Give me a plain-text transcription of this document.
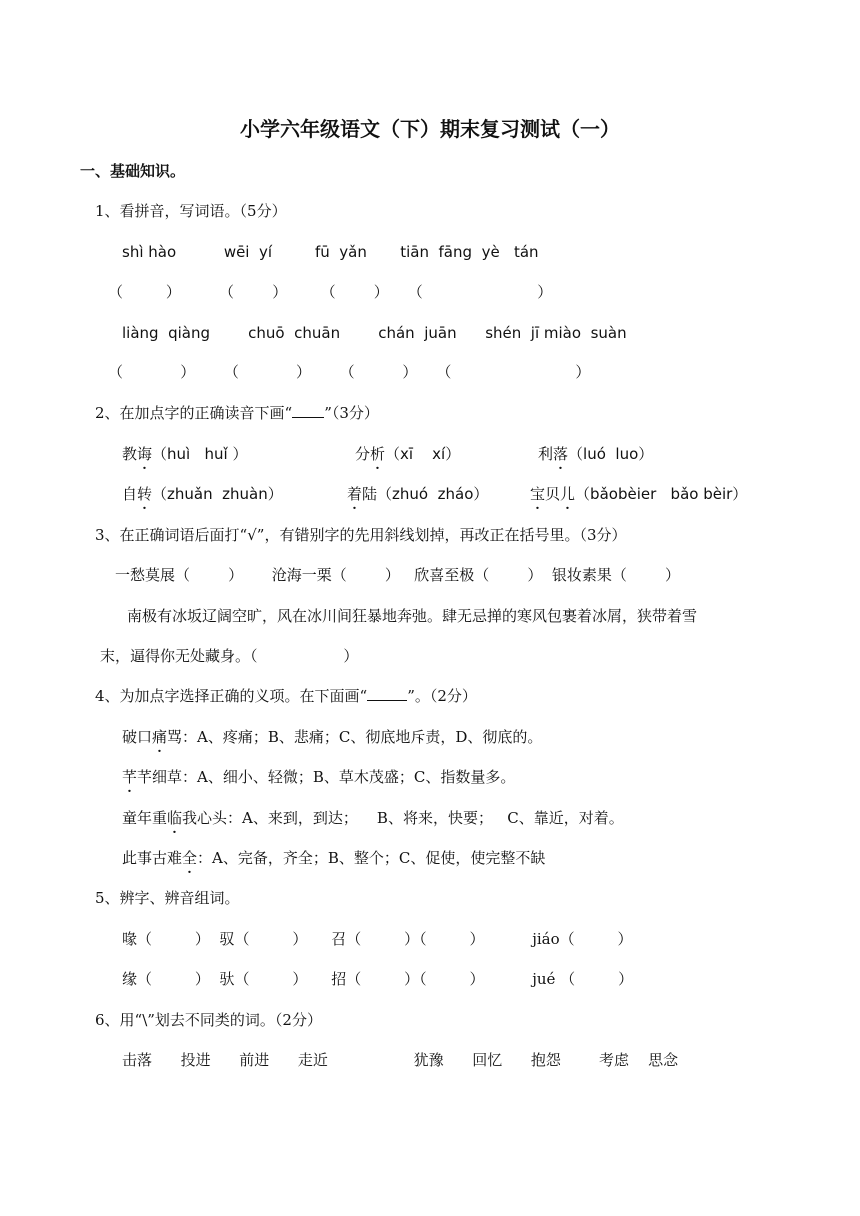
小学六年级语文（下）期末复习测试（一）
一、基础知识。
1、看拼音，写词语。（5分）
shì hào          wēi  yí         fū  yǎn       tiān  fāng  yè   tán
（         ）        （        ）       （        ）    （                        ）
liàng  qiàng        chuō  chuān        chán  juān      shén  jī miào  suàn
（            ）      （            ）      （          ）    （                          ）
2、在加点字的正确读音下画“ ”（3分）
教诲（huì   huǐ ）	分析（xī    xí）	利落（luó  luo）
自转（zhuǎn  zhuàn）	着陆（zhuó  zháo）	宝贝儿（bǎobèier   bǎo bèir）
3、在正确词语后面打“√”，有错别字的先用斜线划掉，再改正在括号里。（3分）
一愁莫展（        ）      沧海一栗（        ）   欣喜至极（        ）  银妆素果（        ）
南极有冰坂辽阔空旷，风在冰川间狂暴地奔弛。肆无忌掸的寒风包裹着冰屑，狭带着雪
末，逼得你无处藏身。（                  ）
4、为加点字选择正确的义项。在下面画“	”。（2分）
破口痛骂：A、疼痛；B、悲痛；C、彻底地斥责，D、彻底的。
芊芊细草：A、细小、轻微；B、草木茂盛；C、指数量多。
童年重临我心头：A、来到，到达；    B、将来，快要；   C、靠近，对着。
此事古难全：A、完备，齐全；B、整个；C、促使，使完整不缺
5、辨字、辨音组词。
喙（         ）  驭（         ）     召（         ）（         ）          jiáo（         ）
缘（         ）  驮（         ）     招（         ）（         ）          jué （         ）
6、用“\”划去不同类的词。（2分）
击落      投进      前进      走近                  犹豫      回忆      抱怨        考虑    思念
